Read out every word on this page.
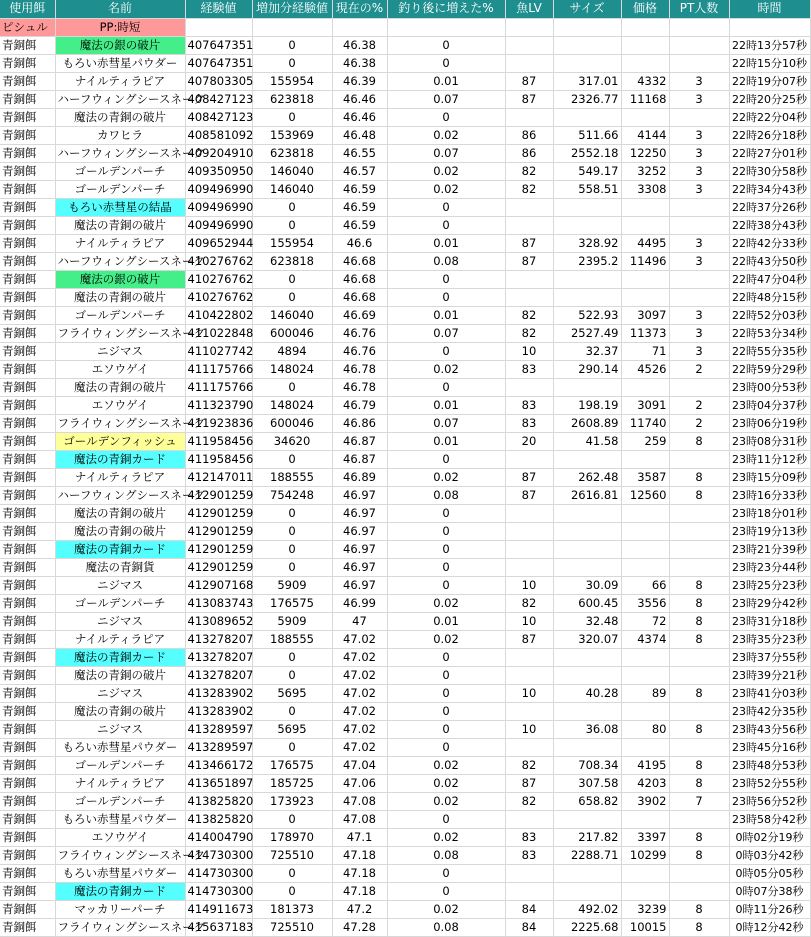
使用餌	名前	経験値	増加分経験値	現在の%	釣り後に増えた%	魚LV	サイズ	価格	PT人数	時間
ピシュル	PP:時短									
青銅餌	魔法の銀の破片	407647351	0	46.38	0					22時13分57秒
青銅餌	もろい赤彗星パウダー	407647351	0	46.38	0					22時15分10秒
青銅餌	ナイルティラピア	407803305	155954	46.39	0.01	87	317.01	4332	3	22時19分07秒
青銅餌	ハーフウィングシースネーク	408427123	623818	46.46	0.07	87	2326.77	11168	3	22時20分25秒
青銅餌	魔法の青銅の破片	408427123	0	46.46	0					22時22分04秒
青銅餌	カワヒラ	408581092	153969	46.48	0.02	86	511.66	4144	3	22時26分18秒
青銅餌	ハーフウィングシースネーク	409204910	623818	46.55	0.07	86	2552.18	12250	3	22時27分01秒
青銅餌	ゴールデンパーチ	409350950	146040	46.57	0.02	82	549.17	3252	3	22時30分58秒
青銅餌	ゴールデンパーチ	409496990	146040	46.59	0.02	82	558.51	3308	3	22時34分43秒
青銅餌	もろい赤彗星の結晶	409496990	0	46.59	0					22時37分26秒
青銅餌	魔法の青銅の破片	409496990	0	46.59	0					22時38分43秒
青銅餌	ナイルティラピア	409652944	155954	46.6	0.01	87	328.92	4495	3	22時42分33秒
青銅餌	ハーフウィングシースネーク	410276762	623818	46.68	0.08	87	2395.2	11496	3	22時43分50秒
青銅餌	魔法の銀の破片	410276762	0	46.68	0					22時47分04秒
青銅餌	魔法の青銅の破片	410276762	0	46.68	0					22時48分15秒
青銅餌	ゴールデンパーチ	410422802	146040	46.69	0.01	82	522.93	3097	3	22時52分03秒
青銅餌	フライウィングシースネーク	411022848	600046	46.76	0.07	82	2527.49	11373	3	22時53分34秒
青銅餌	ニジマス	411027742	4894	46.76	0	10	32.37	71	3	22時55分35秒
青銅餌	エソウゲイ	411175766	148024	46.78	0.02	83	290.14	4526	2	22時59分29秒
青銅餌	魔法の青銅の破片	411175766	0	46.78	0					23時00分53秒
青銅餌	エソウゲイ	411323790	148024	46.79	0.01	83	198.19	3091	2	23時04分37秒
青銅餌	フライウィングシースネーク	411923836	600046	46.86	0.07	83	2608.89	11740	2	23時06分19秒
青銅餌	ゴールデンフィッシュ	411958456	34620	46.87	0.01	20	41.58	259	8	23時08分31秒
青銅餌	魔法の青銅カード	411958456	0	46.87	0					23時11分12秒
青銅餌	ナイルティラピア	412147011	188555	46.89	0.02	87	262.48	3587	8	23時15分09秒
青銅餌	ハーフウィングシースネーク	412901259	754248	46.97	0.08	87	2616.81	12560	8	23時16分33秒
青銅餌	魔法の青銅の破片	412901259	0	46.97	0					23時18分01秒
青銅餌	魔法の青銅の破片	412901259	0	46.97	0					23時19分13秒
青銅餌	魔法の青銅カード	412901259	0	46.97	0					23時21分39秒
青銅餌	魔法の青銅貨	412901259	0	46.97	0					23時23分44秒
青銅餌	ニジマス	412907168	5909	46.97	0	10	30.09	66	8	23時25分23秒
青銅餌	ゴールデンパーチ	413083743	176575	46.99	0.02	82	600.45	3556	8	23時29分42秒
青銅餌	ニジマス	413089652	5909	47	0.01	10	32.48	72	8	23時31分18秒
青銅餌	ナイルティラピア	413278207	188555	47.02	0.02	87	320.07	4374	8	23時35分23秒
青銅餌	魔法の青銅カード	413278207	0	47.02	0					23時37分55秒
青銅餌	魔法の青銅の破片	413278207	0	47.02	0					23時39分21秒
青銅餌	ニジマス	413283902	5695	47.02	0	10	40.28	89	8	23時41分03秒
青銅餌	魔法の青銅の破片	413283902	0	47.02	0					23時42分35秒
青銅餌	ニジマス	413289597	5695	47.02	0	10	36.08	80	8	23時43分56秒
青銅餌	もろい赤彗星パウダー	413289597	0	47.02	0					23時45分16秒
青銅餌	ゴールデンパーチ	413466172	176575	47.04	0.02	82	708.34	4195	8	23時48分53秒
青銅餌	ナイルティラピア	413651897	185725	47.06	0.02	87	307.58	4203	8	23時52分55秒
青銅餌	ゴールデンパーチ	413825820	173923	47.08	0.02	82	658.82	3902	7	23時56分52秒
青銅餌	もろい赤彗星パウダー	413825820	0	47.08	0					23時58分42秒
青銅餌	エソウゲイ	414004790	178970	47.1	0.02	83	217.82	3397	8	0時02分19秒
青銅餌	フライウィングシースネーク	414730300	725510	47.18	0.08	83	2288.71	10299	8	0時03分42秒
青銅餌	もろい赤彗星パウダー	414730300	0	47.18	0					0時05分05秒
青銅餌	魔法の青銅カード	414730300	0	47.18	0					0時07分38秒
青銅餌	マッカリーパーチ	414911673	181373	47.2	0.02	84	492.02	3239	8	0時11分26秒
青銅餌	フライウィングシースネーク	415637183	725510	47.28	0.08	84	2225.68	10015	8	0時12分42秒
